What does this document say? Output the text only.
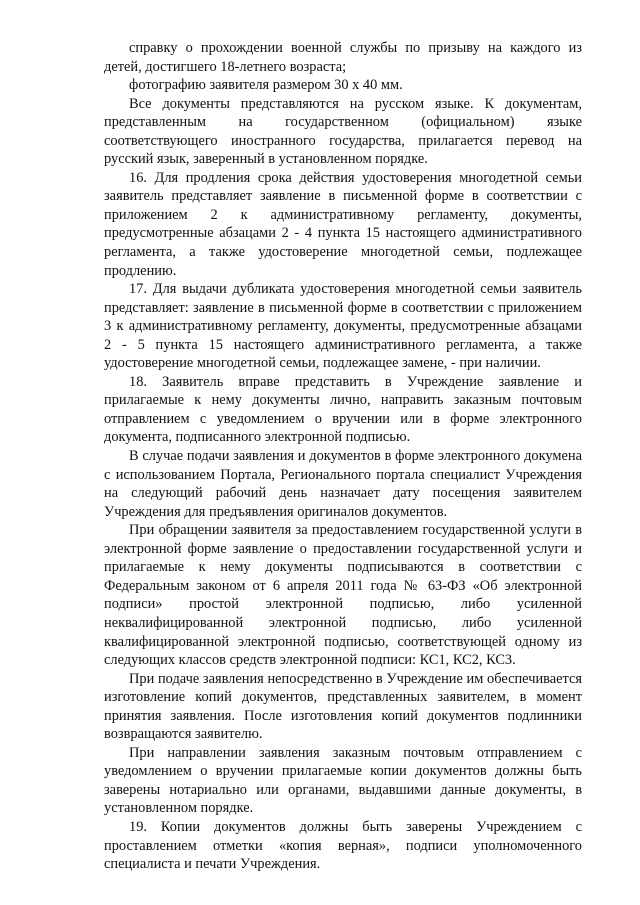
справку о прохождении военной службы по призыву на каждого из детей, достигшего 18-летнего возраста;

фотографию заявителя размером 30 х 40 мм.

Все документы представляются на русском языке. К документам, представленным на государственном (официальном) языке соответствующего иностранного государства, прилагается перевод на русский язык, заверенный в установленном порядке.

16. Для продления срока действия удостоверения многодетной семьи заявитель представляет заявление в письменной форме в соответствии с приложением 2 к административному регламенту, документы, предусмотренные абзацами 2 - 4 пункта 15 настоящего административного регламента, а также удостоверение многодетной семьи, подлежащее продлению.

17. Для выдачи дубликата удостоверения многодетной семьи заявитель представляет: заявление в письменной форме в соответствии с приложением 3 к административному регламенту, документы, предусмотренные абзацами 2 - 5 пункта 15 настоящего административного регламента, а также удостоверение многодетной семьи, подлежащее замене, - при наличии.

18. Заявитель вправе представить в Учреждение заявление и прилагаемые к нему документы лично, направить заказным почтовым отправлением с уведомлением о вручении или в форме электронного документа, подписанного электронной подписью.

В случае подачи заявления и документов в форме электронного докумена с использованием Портала, Регионального портала специалист Учреждения на следующий рабочий день назначает дату посещения заявителем Учреждения для предъявления оригиналов документов.

При обращении заявителя за предоставлением государственной услуги в электронной форме заявление о предоставлении государственной услуги и прилагаемые к нему документы подписываются в соответствии с Федеральным законом от 6 апреля 2011 года № 63-ФЗ «Об электронной подписи» простой электронной подписью, либо усиленной неквалифицированной электронной подписью, либо усиленной квалифицированной электронной подписью, соответствующей одному из следующих классов средств электронной подписи: КС1, КС2, КС3.

При подаче заявления непосредственно в Учреждение им обеспечивается изготовление копий документов, представленных заявителем, в момент принятия заявления. После изготовления копий документов подлинники возвращаются заявителю.

При направлении заявления заказным почтовым отправлением с уведомлением о вручении прилагаемые копии документов должны быть заверены нотариально или органами, выдавшими данные документы, в установленном порядке.

19. Копии документов должны быть заверены Учреждением с проставлением отметки «копия верная», подписи уполномоченного специалиста и печати Учреждения.
